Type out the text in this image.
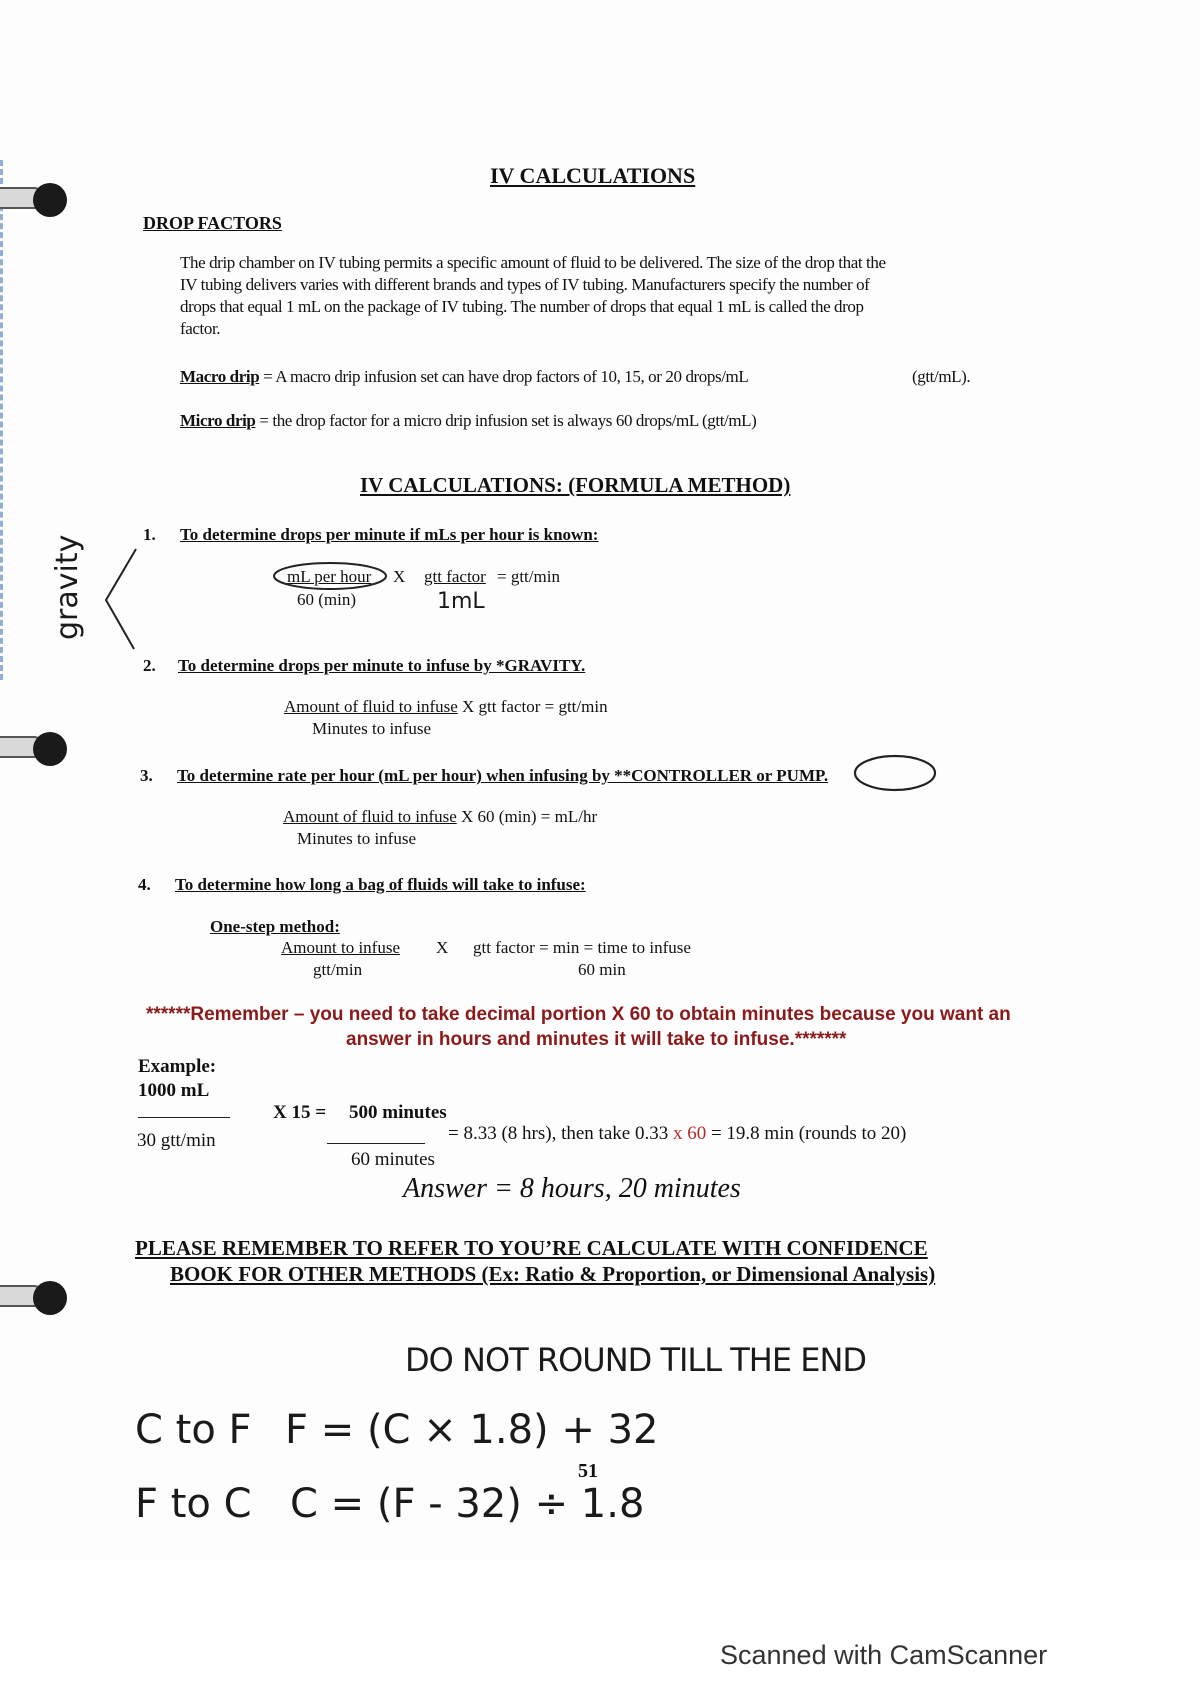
IV CALCULATIONS
DROP FACTORS
The drip chamber on IV tubing permits a specific amount of fluid to be delivered. The size of the drop that the
IV tubing delivers varies with different brands and types of IV tubing. Manufacturers specify the number of
drops that equal 1 mL on the package of IV tubing. The number of drops that equal 1 mL is called the drop
factor.
Macro drip = A macro drip infusion set can have drop factors of 10, 15, or 20 drops/mL	(gtt/mL).
Micro drip = the drop factor for a micro drip infusion set is always 60 drops/mL (gtt/mL)
IV CALCULATIONS: (FORMULA METHOD)
1. To determine drops per minute if mLs per hour is known:
mL per hour X gtt factor = gtt/min
60 (min)	1mL
gravity
2. To determine drops per minute to infuse by *GRAVITY.
Amount of fluid to infuse X gtt factor = gtt/min
Minutes to infuse
3. To determine rate per hour (mL per hour) when infusing by **CONTROLLER or PUMP.
Amount of fluid to infuse X 60 (min) = mL/hr
Minutes to infuse
4. To determine how long a bag of fluids will take to infuse:
One-step method:
Amount to infuse X gtt factor = min = time to infuse
gtt/min	60 min
******Remember – you need to take decimal portion X 60 to obtain minutes because you want an
answer in hours and minutes it will take to infuse.*******
Example:
1000 mL
30 gtt/min
X 15 = 500 minutes
60 minutes
= 8.33 (8 hrs), then take 0.33 x 60 = 19.8 min (rounds to 20)
Answer = 8 hours, 20 minutes
PLEASE REMEMBER TO REFER TO YOU’RE CALCULATE WITH CONFIDENCE
BOOK FOR OTHER METHODS (Ex: Ratio & Proportion, or Dimensional Analysis)
DO NOT ROUND TILL THE END
C to F F = (C × 1.8) + 32
F to C C = (F - 32) ÷ 1.8
51
Scanned with CamScanner
